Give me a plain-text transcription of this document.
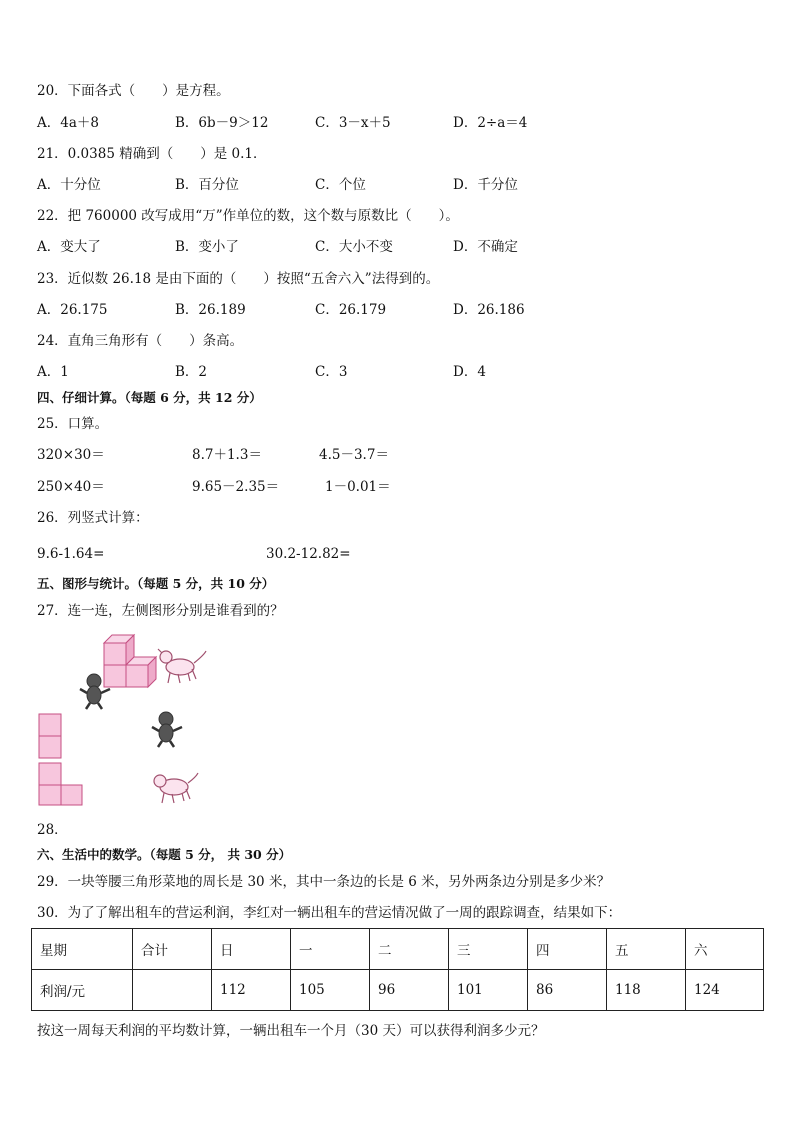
20．下面各式（　　）是方程。
A．4a＋8	B．6b－9＞12	C．3－x＋5	D．2÷a＝4
21．0.0385 精确到（　　）是 0.1．
A．十分位	B．百分位	C．个位	D．千分位
22．把 760000 改写成用“万”作单位的数，这个数与原数比（　　）。
A．变大了	B．变小了	C．大小不变	D．不确定
23．近似数 26.18 是由下面的（　　）按照“五舍六入”法得到的。
A．26.175	B．26.189	C．26.179	D．26.186
24．直角三角形有（　　）条高。
A．1	B．2	C．3	D．4
四、仔细计算。（每题 6 分，共 12 分）
25．口算。
320×30＝	8.7＋1.3＝	4.5－3.7＝
250×40＝	9.65－2.35＝	1－0.01＝
26．列竖式计算：
9.6-1.64=	30.2-12.82=
五、图形与统计。（每题 5 分，共 10 分）
27．连一连，左侧图形分别是谁看到的？
28．
六、生活中的数学。（每题 5 分， 共 30 分）
29．一块等腰三角形菜地的周长是 30 米，其中一条边的长是 6 米，另外两条边分别是多少米？
30．为了了解出租车的营运利润，李红对一辆出租车的营运情况做了一周的跟踪调查，结果如下：
星期	合计	日	一	二	三	四	五	六
利润/元		112	105	96	101	86	118	124
按这一周每天利润的平均数计算，一辆出租车一个月（30 天）可以获得利润多少元？
